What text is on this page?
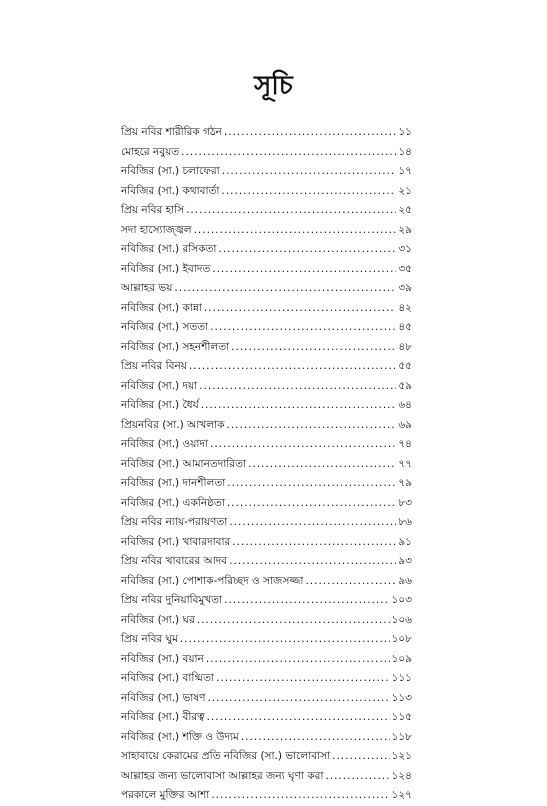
সূচি
প্রিয় নবির শারীরিক গঠন .....	১১
মোহরে নবুয়ত .....	১৪
নবিজির (সা.) চলাফেরা .....	১৭
নবিজির (সা.) কথাবার্তা .....	২১
প্রিয় নবির হাসি .....	২৫
সদা হাস্যোজ্জ্বল .....	২৯
নবিজির (সা.) রসিকতা .....	৩১
নবিজির (সা.) ইবাদত .....	৩৫
আল্লাহর ভয় .....	৩৯
নবিজির (সা.) কান্না .....	৪২
নবিজির (সা.) সততা .....	৪৫
নবিজির (সা.) সহনশীলতা .....	৪৮
প্রিয় নবির বিনয় .....	৫৫
নবিজির (সা.) দয়া .....	৫৯
নবিজির (সা.) ধৈর্য .....	৬৪
প্রিয়নবির (সা.) আখলাক .....	৬৯
নবিজির (সা.) ওয়াদা .....	৭৪
নবিজির (সা.) আমানতদারিতা .....	৭৭
নবিজির (সা.) দানশীলতা .....	৭৯
নবিজির (সা.) একনিষ্ঠতা .....	৮৩
প্রিয় নবির ন্যায়-পরায়ণতা .....	৮৬
নবিজির (সা.) খাবারদাবার .....	৯১
প্রিয় নবির খাবারের আদব .....	৯৩
নবিজির (সা.) পোশাক-পরিচ্ছদ ও সাজসজ্জা .....	৯৬
প্রিয় নবির দুনিয়াবিমুখতা .....	১০৩
নবিজির (সা.) ঘর .....	১০৬
প্রিয় নবির ঘুম .....	১০৮
নবিজির (সা.) বয়ান .....	১০৯
নবিজির (সা.) বাগ্মিতা .....	১১১
নবিজির (সা.) ভাষণ .....	১১৩
নবিজির (সা.) বীরত্ব .....	১১৫
নবিজির (সা.) শক্তি ও উদ্যম .....	১১৮
সাহাবায়ে কেরামের প্রতি নবিজির (সা.) ভালোবাসা .....	১২১
আল্লাহর জন্য ভালোবাসা আল্লাহর জন্য ঘৃণা করা .....	১২৪
পরকালে মুক্তির আশা .....	১২৭
